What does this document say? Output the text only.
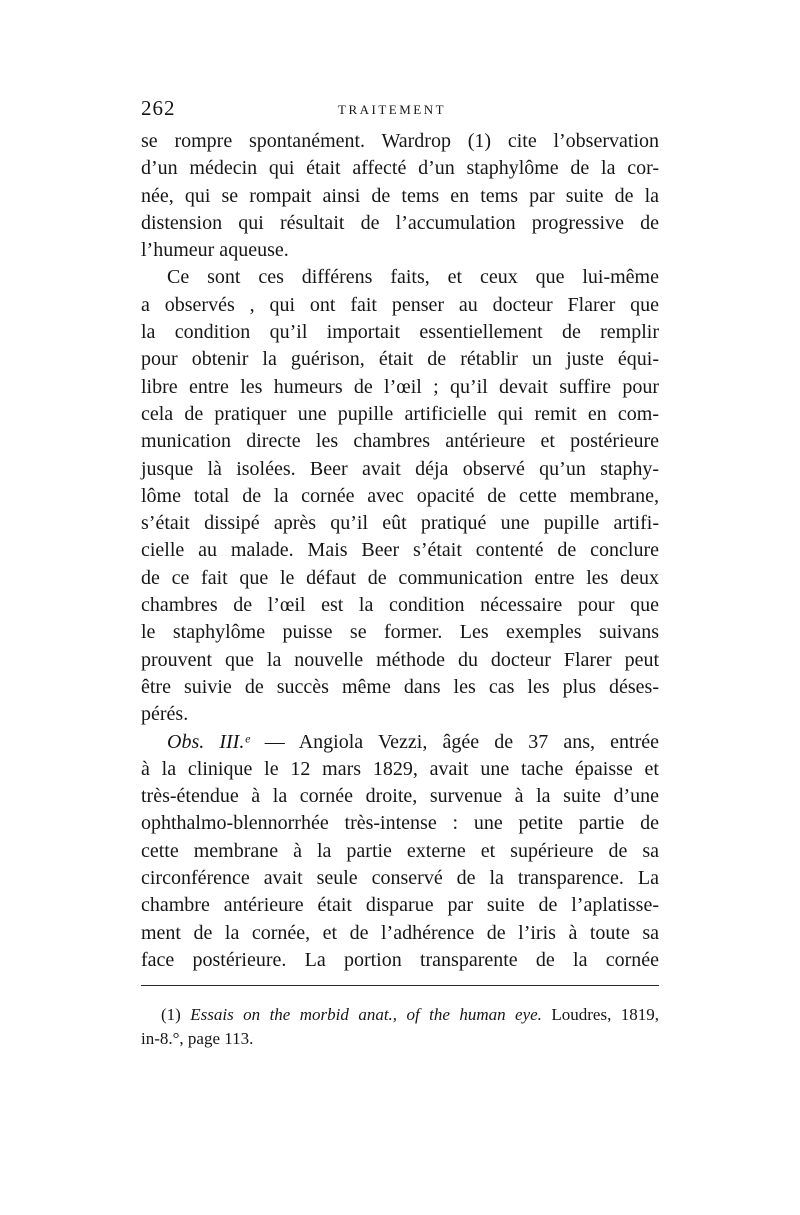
262	TRAITEMENT
se rompre spontanément. Wardrop (1) cite l’observation
d’un médecin qui était affecté d’un staphylôme de la cor-
née, qui se rompait ainsi de tems en tems par suite de la
distension qui résultait de l’accumulation progressive de
l’humeur aqueuse.
Ce sont ces différens faits, et ceux que lui-même
a observés , qui ont fait penser au docteur Flarer que
la condition qu’il importait essentiellement de remplir
pour obtenir la guérison, était de rétablir un juste équi-
libre entre les humeurs de l’œil ; qu’il devait suffire pour
cela de pratiquer une pupille artificielle qui remit en com-
munication directe les chambres antérieure et postérieure
jusque là isolées. Beer avait déja observé qu’un staphy-
lôme total de la cornée avec opacité de cette membrane,
s’était dissipé après qu’il eût pratiqué une pupille artifi-
cielle au malade. Mais Beer s’était contenté de conclure
de ce fait que le défaut de communication entre les deux
chambres de l’œil est la condition nécessaire pour que
le staphylôme puisse se former. Les exemples suivans
prouvent que la nouvelle méthode du docteur Flarer peut
être suivie de succès même dans les cas les plus déses-
pérés.
Obs. III.ᵉ — Angiola Vezzi, âgée de 37 ans, entrée
à la clinique le 12 mars 1829, avait une tache épaisse et
très-étendue à la cornée droite, survenue à la suite d’une
ophthalmo-blennorrhée très-intense : une petite partie de
cette membrane à la partie externe et supérieure de sa
circonférence avait seule conservé de la transparence. La
chambre antérieure était disparue par suite de l’aplatisse-
ment de la cornée, et de l’adhérence de l’iris à toute sa
face postérieure. La portion transparente de la cornée
(1) Essais on the morbid anat., of the human eye. Loudres, 1819,
in-8.°, page 113.
